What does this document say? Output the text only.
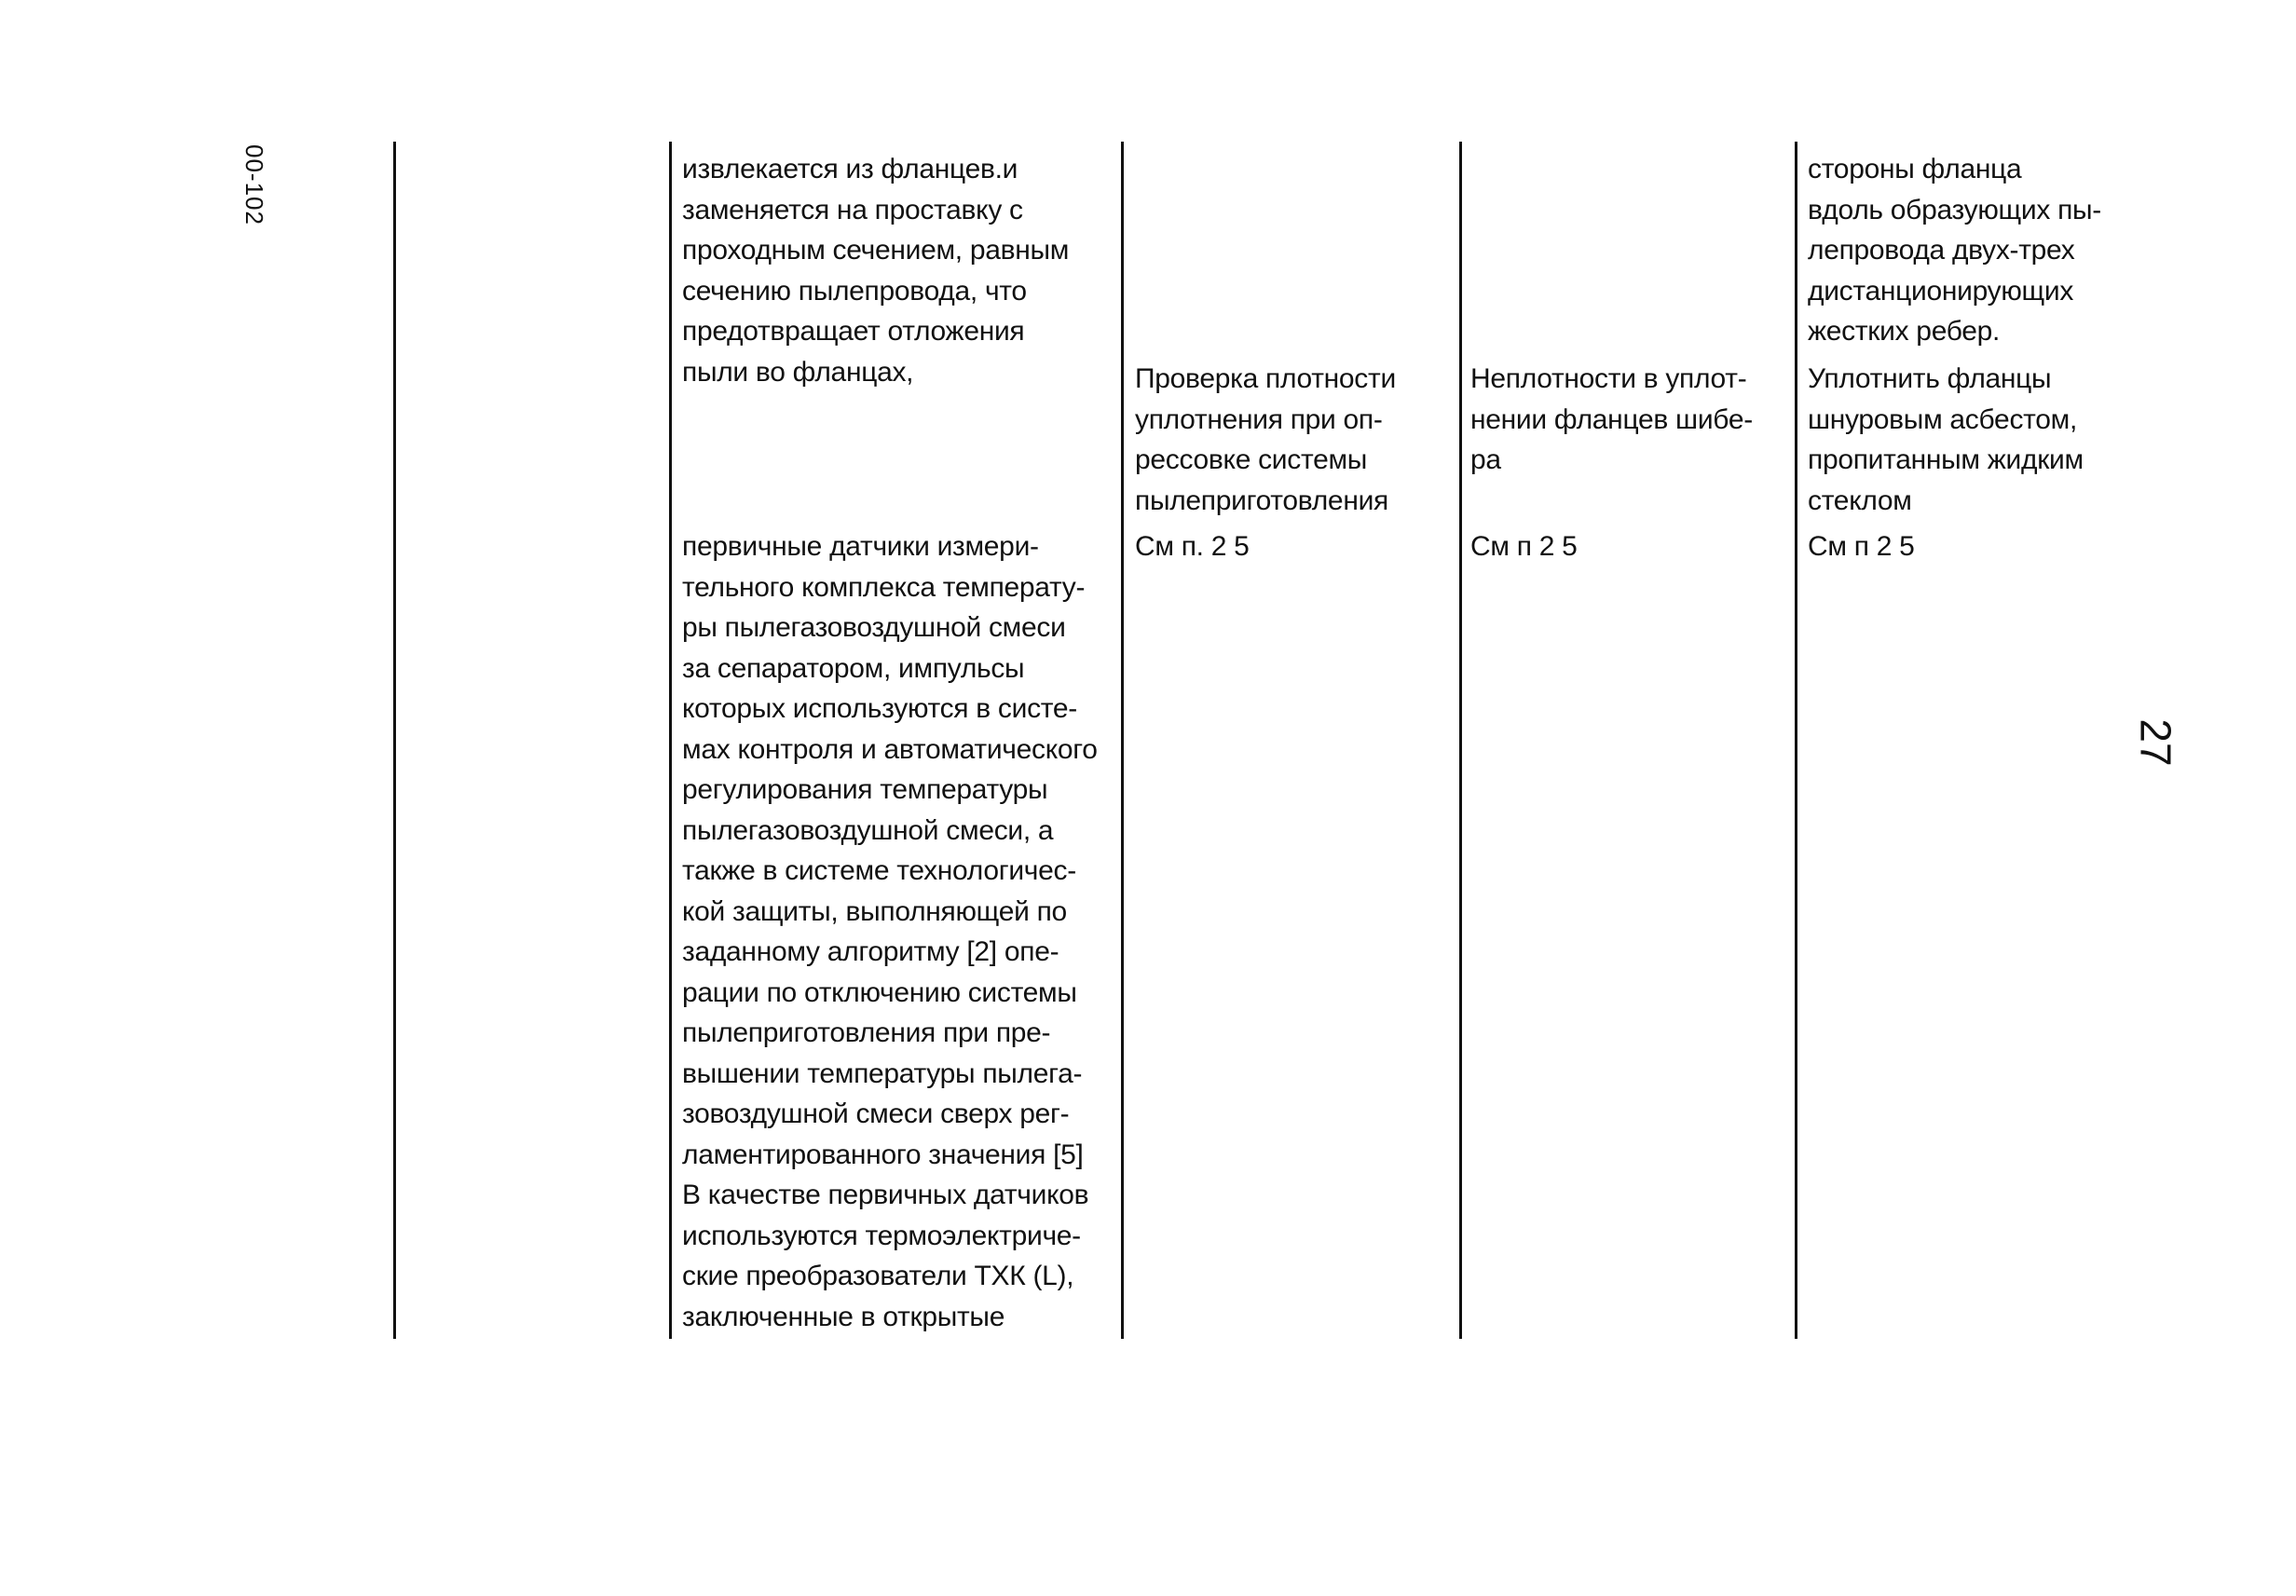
00-102
27
извлекается из фланцев.и
заменяется на проставку с
проходным сечением, равным
сечению пылепровода, что
предотвращает отложения
пыли во фланцах,
первичные датчики измери-
тельного комплекса температу-
ры пылегазовоздушной смеси
за сепаратором, импульсы
которых используются в систе-
мах контроля и автоматического
регулирования температуры
пылегазовоздушной смеси, а
также в системе технологичес-
кой защиты, выполняющей по
заданному алгоритму [2] опе-
рации по отключению системы
пылеприготовления при пре-
вышении температуры пылега-
зовоздушной смеси сверх рег-
ламентированного значения [5]
В качестве первичных датчиков
используются термоэлектриче-
ские преобразователи ТХК (L),
заключенные в открытые
Проверка плотности
уплотнения при оп-
рессовке системы
пылеприготовления
См п. 2 5
Неплотности в уплот-
нении фланцев шибе-
ра
См п 2 5
стороны фланца
вдоль образующих пы-
лепровода двух-трех
дистанционирующих
жестких ребер.
Уплотнить фланцы
шнуровым асбестом,
пропитанным жидким
стеклом
См п 2 5
